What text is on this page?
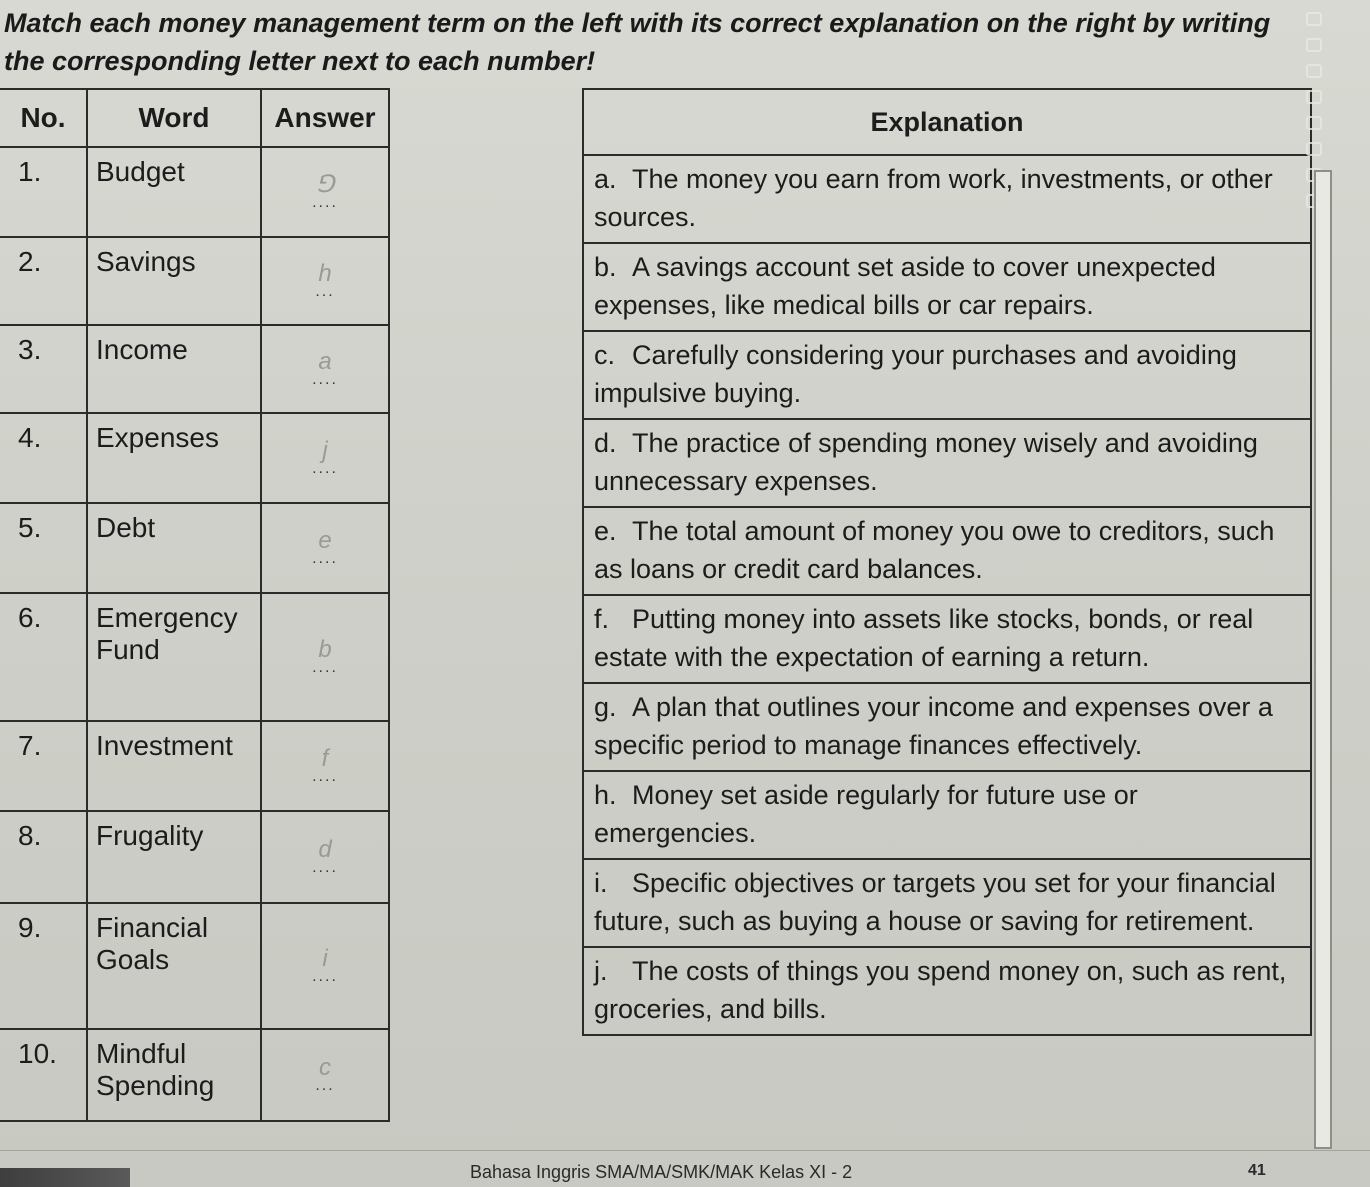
Match each money management term on the left with its correct explanation on the right by writing the corresponding letter next to each number!
No.	Word	Answer
1.	Budget	⅁
....

2.	Savings	h
...

3.	Income	a
....

4.	Expenses	j
....

5.	Debt	e
....

6.	Emergency Fund	b
....

7.	Investment	f
....

8.	Frugality	d
....

9.	Financial Goals	i
....

10.	Mindful Spending	c
...
Explanation
a. The money you earn from work, investments, or other sources.
b. A savings account set aside to cover unexpected expenses, like medical bills or car repairs.
c. Carefully considering your purchases and avoiding impulsive buying.
d. The practice of spending money wisely and avoiding unnecessary expenses.
e. The total amount of money you owe to creditors, such as loans or credit card balances.
f. Putting money into assets like stocks, bonds, or real estate with the expectation of earning a return.
g. A plan that outlines your income and expenses over a specific period to manage finances effectively.
h. Money set aside regularly for future use or emergencies.
i. Specific objectives or targets you set for your financial future, such as buying a house or saving for retirement.
j. The costs of things you spend money on, such as rent, groceries, and bills.
Bahasa Inggris SMA/MA/SMK/MAK Kelas XI - 2	41
